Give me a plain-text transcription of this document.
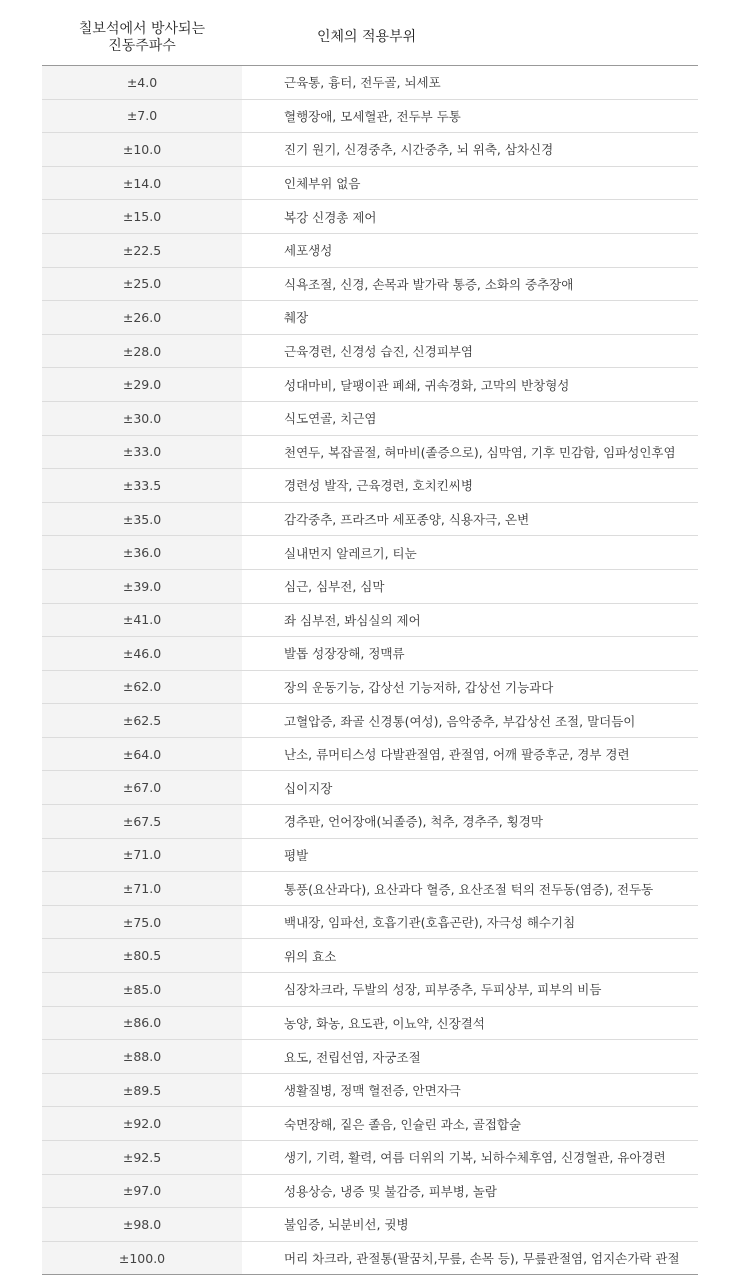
칠보석에서 방사되는
진동주파수	인체의 적용부위
±4.0	근육통, 흉터, 전두골, 뇌세포
±7.0	혈행장애, 모세혈관, 전두부 두통
±10.0	진기 원기, 신경중추, 시간중추, 뇌 위축, 삼차신경
±14.0	인체부위 없음
±15.0	복강 신경총 제어
±22.5	세포생성
±25.0	식욕조절, 신경, 손목과 발가락 통증, 소화의 중추장애
±26.0	췌장
±28.0	근육경련, 신경성 습진, 신경피부염
±29.0	성대마비, 달팽이관 폐쇄, 귀속경화, 고막의 반창형성
±30.0	식도연골, 치근염
±33.0	천연두, 복잡골절, 혀마비(졸증으로), 심막염, 기후 민감함, 임파성인후염
±33.5	경련성 발작, 근육경련, 호치킨씨병
±35.0	감각중추, 프라즈마 세포종양, 식용자극, 온변
±36.0	실내먼지 알레르기, 티눈
±39.0	심근, 심부전, 심막
±41.0	좌 심부전, 봐심실의 제어
±46.0	발톱 성장장해, 정맥류
±62.0	장의 운동기능, 갑상선 기능저하, 갑상선 기능과다
±62.5	고혈압증, 좌골 신경통(여성), 음악중추, 부갑상선 조절, 말더듬이
±64.0	난소, 류머티스성 다발관절염, 관절염, 어깨 팔증후군, 경부 경련
±67.0	십이지장
±67.5	경추판, 언어장애(뇌졸증), 척추, 경추주, 횡경막
±71.0	평발
±71.0	통풍(요산과다), 요산과다 혈증, 요산조절 턱의 전두동(염증), 전두동
±75.0	백내장, 임파선, 호흡기관(호흡곤란), 자극성 해수기침
±80.5	위의 효소
±85.0	심장차크라, 두발의 성장, 피부중추, 두피상부, 피부의 비듬
±86.0	농양, 화농, 요도관, 이뇨약, 신장결석
±88.0	요도, 전립선염, 자궁조절
±89.5	생활질병, 정맥 혈전증, 안면자극
±92.0	숙면장해, 짙은 졸음, 인슐린 과소, 골접합술
±92.5	생기, 기력, 활력, 여름 더위의 기복, 뇌하수체후염, 신경혈관, 유아경련
±97.0	성용상승, 냉증 및 불감증, 피부병, 놀람
±98.0	불임증, 뇌분비선, 귓병
±100.0	머리 차크라, 관절통(팔꿈치,무릎, 손목 등), 무릎관절염, 엄지손가락 관절
